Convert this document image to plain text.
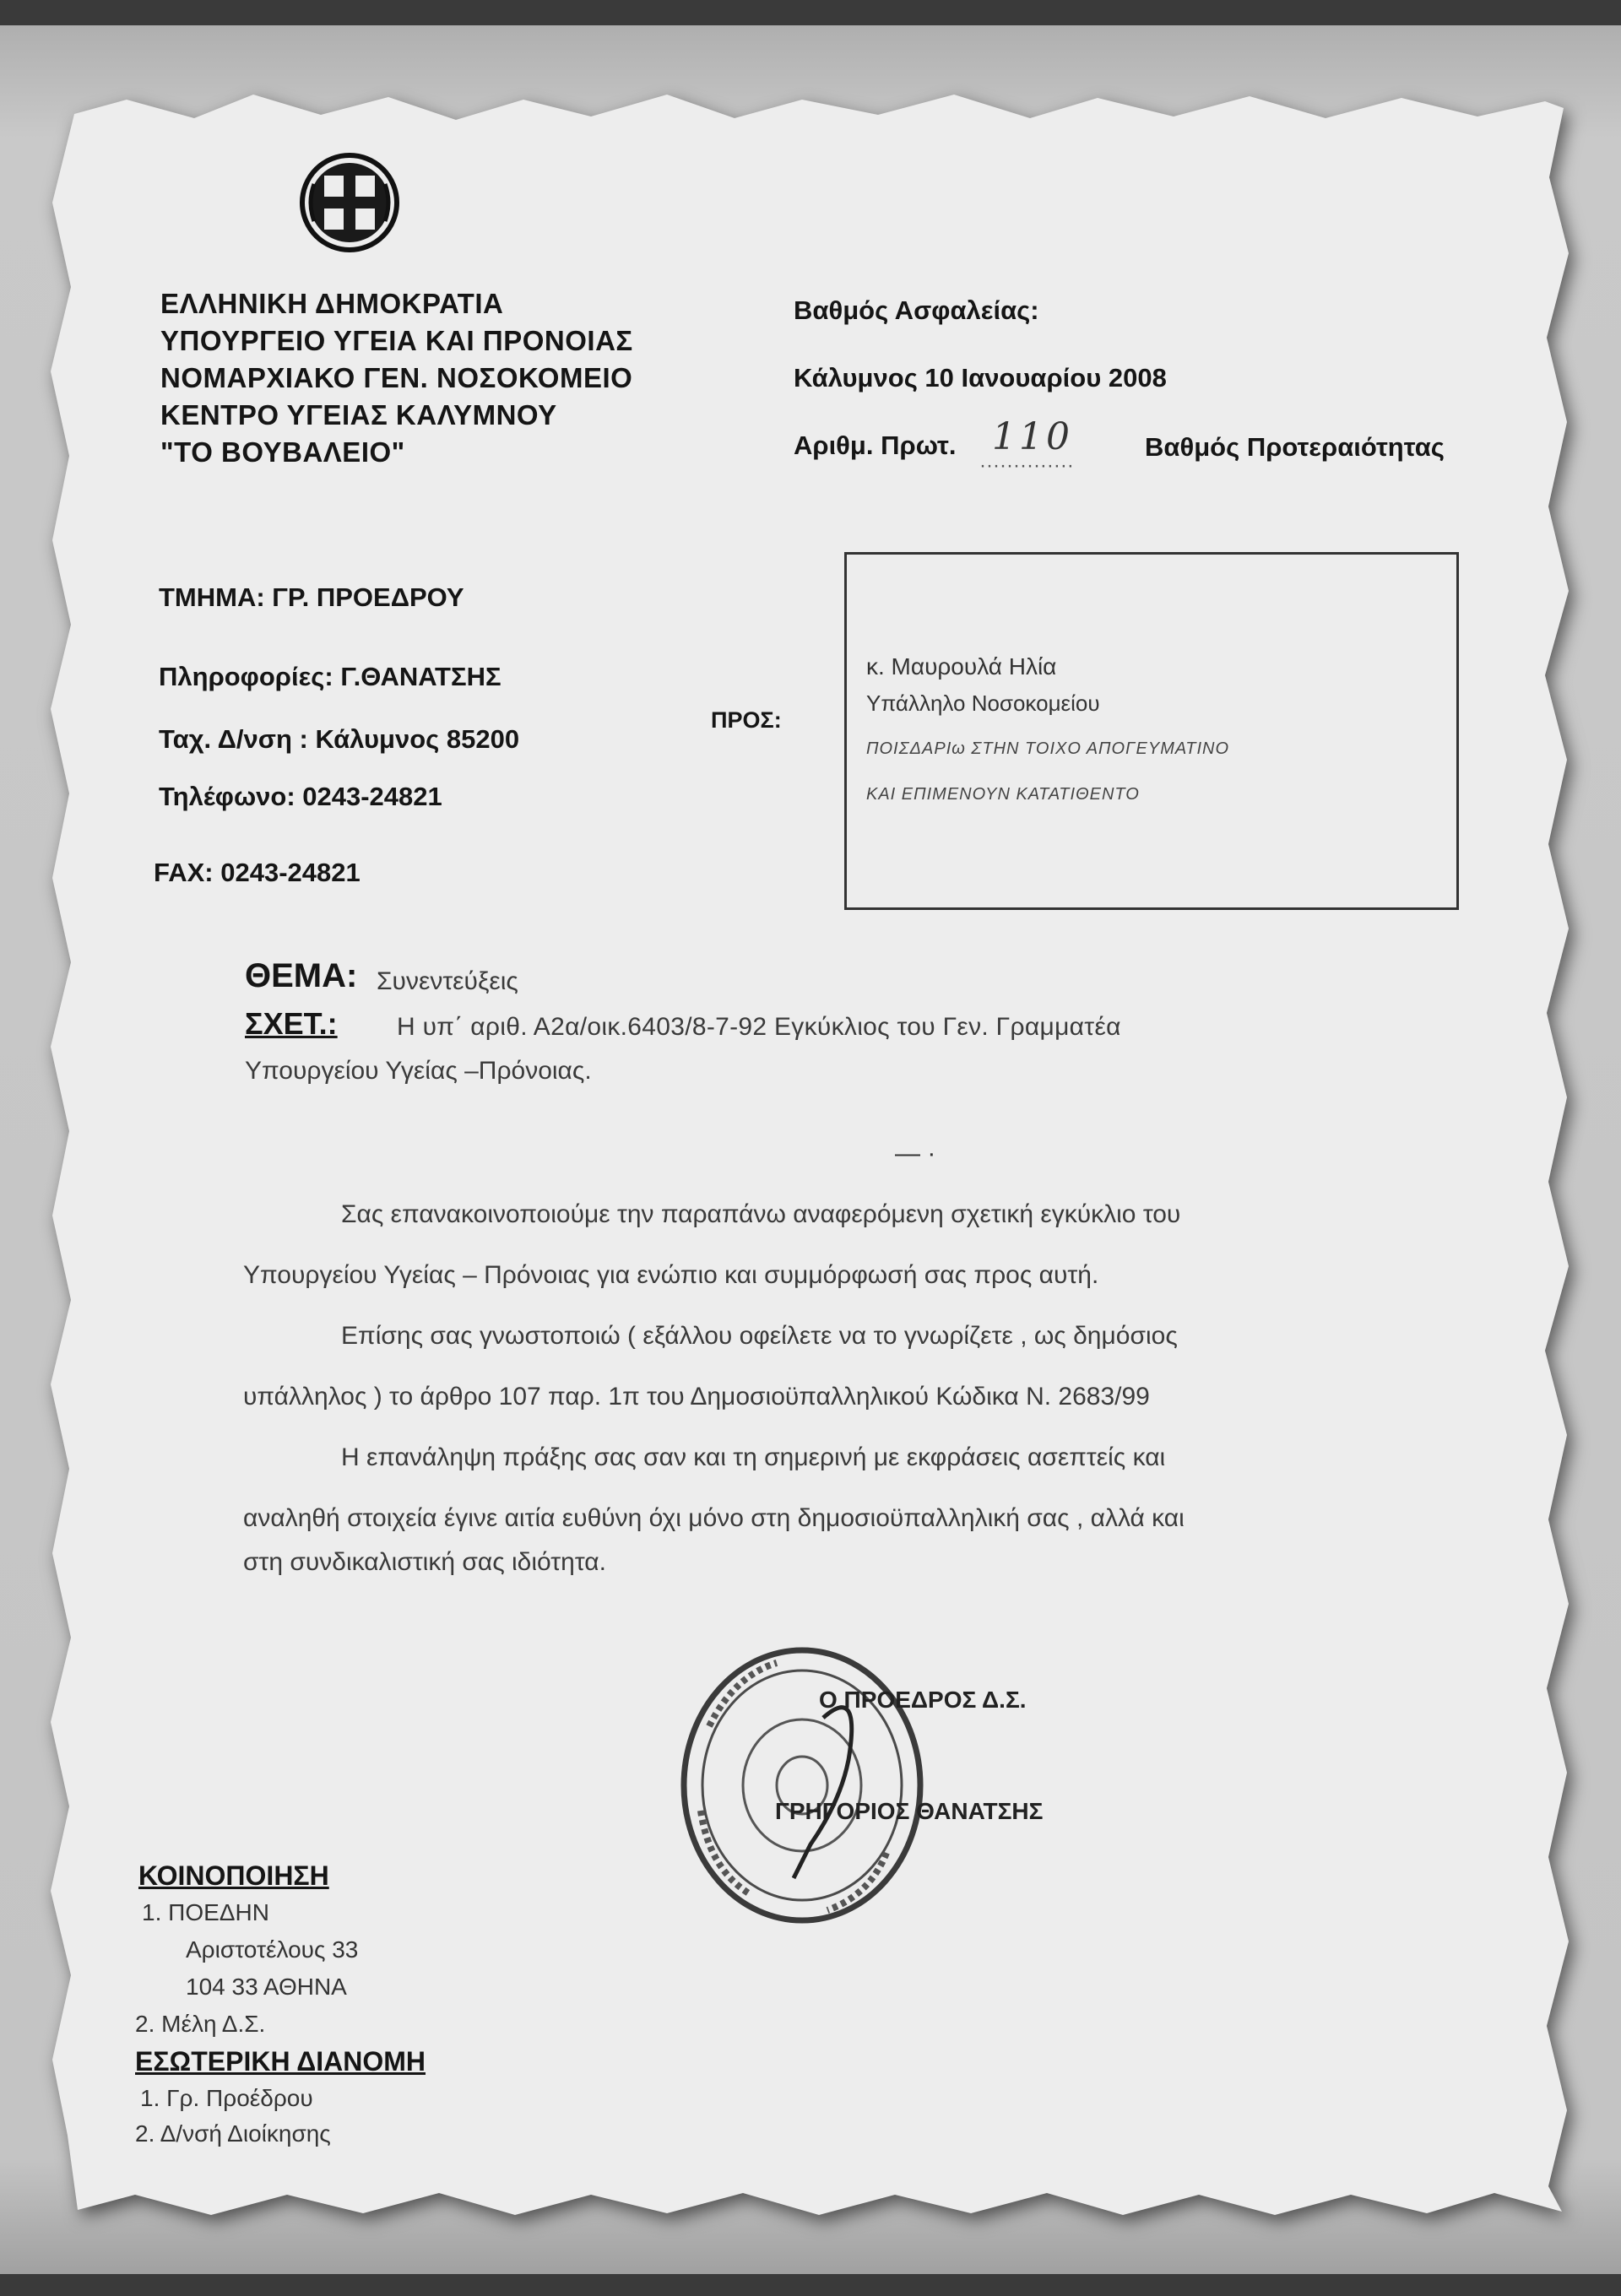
ΕΛΛΗΝΙΚΗ ΔΗΜΟΚΡΑΤΙΑ
ΥΠΟΥΡΓΕΙΟ ΥΓΕΙΑ ΚΑΙ ΠΡΟΝΟΙΑΣ
ΝΟΜΑΡΧΙΑΚΟ ΓΕΝ. ΝΟΣΟΚΟΜΕΙΟ
ΚΕΝΤΡΟ ΥΓΕΙΑΣ ΚΑΛΥΜΝΟΥ
"ΤΟ ΒΟΥΒΑΛΕΙΟ"
Βαθμός Ασφαλείας:
Κάλυμνος 10 Ιανουαρίου 2008
Αριθμ. Πρωτ. 110
··············
Βαθμός Προτεραιότητας
ΤΜΗΜΑ: ΓΡ. ΠΡΟΕΔΡΟΥ
Πληροφορίες: Γ.ΘΑΝΑΤΣΗΣ
Ταχ. Δ/νση : Κάλυμνος 85200
Τηλέφωνο: 0243-24821
FAX: 0243-24821
ΠΡΟΣ:
κ. Μαυρουλά Ηλία
Υπάλληλο Νοσοκομείου
ΠΟΙΣΔΑΡΙω ΣΤΗΝ ΤΟΙΧΟ ΑΠΟΓΕΥΜΑΤΙΝΟ
ΚΑΙ ΕΠΙΜΕΝΟΥΝ ΚΑΤΑΤΙΘΕΝΤΟ
ΘΕΜΑ: Συνεντεύξεις
ΣΧΕΤ.: Η υπ΄ αριθ. Α2α/οικ.6403/8-7-92 Εγκύκλιος του Γεν. Γραμματέα
Υπουργείου Υγείας –Πρόνοιας.
— ·
Σας επανακοινοποιούμε την παραπάνω αναφερόμενη σχετική εγκύκλιο του
Υπουργείου Υγείας – Πρόνοιας για ενώπιο και συμμόρφωσή σας προς αυτή.
Επίσης σας γνωστοποιώ ( εξάλλου οφείλετε να το γνωρίζετε , ως δημόσιος
υπάλληλος ) το άρθρο 107 παρ. 1π του Δημοσιοϋπαλληλικού Κώδικα Ν. 2683/99
Η επανάληψη πράξης σας σαν και τη σημερινή με εκφράσεις ασεπτείς και
αναληθή στοιχεία έγινε αιτία ευθύνη όχι μόνο στη δημοσιοϋπαλληλική σας , αλλά και
στη συνδικαλιστική σας ιδιότητα.
Ο ΠΡΟΕΔΡΟΣ Δ.Σ.
ΓΡΗΓΟΡΙΟΣ ΘΑΝΑΤΣΗΣ
ΚΟΙΝΟΠΟΙΗΣΗ
1. ΠΟΕΔΗΝ
Αριστοτέλους 33
104 33 ΑΘΗΝΑ
2. Μέλη Δ.Σ.
ΕΣΩΤΕΡΙΚΗ ΔΙΑΝΟΜΗ
1. Γρ. Προέδρου
2. Δ/νσή Διοίκησης
